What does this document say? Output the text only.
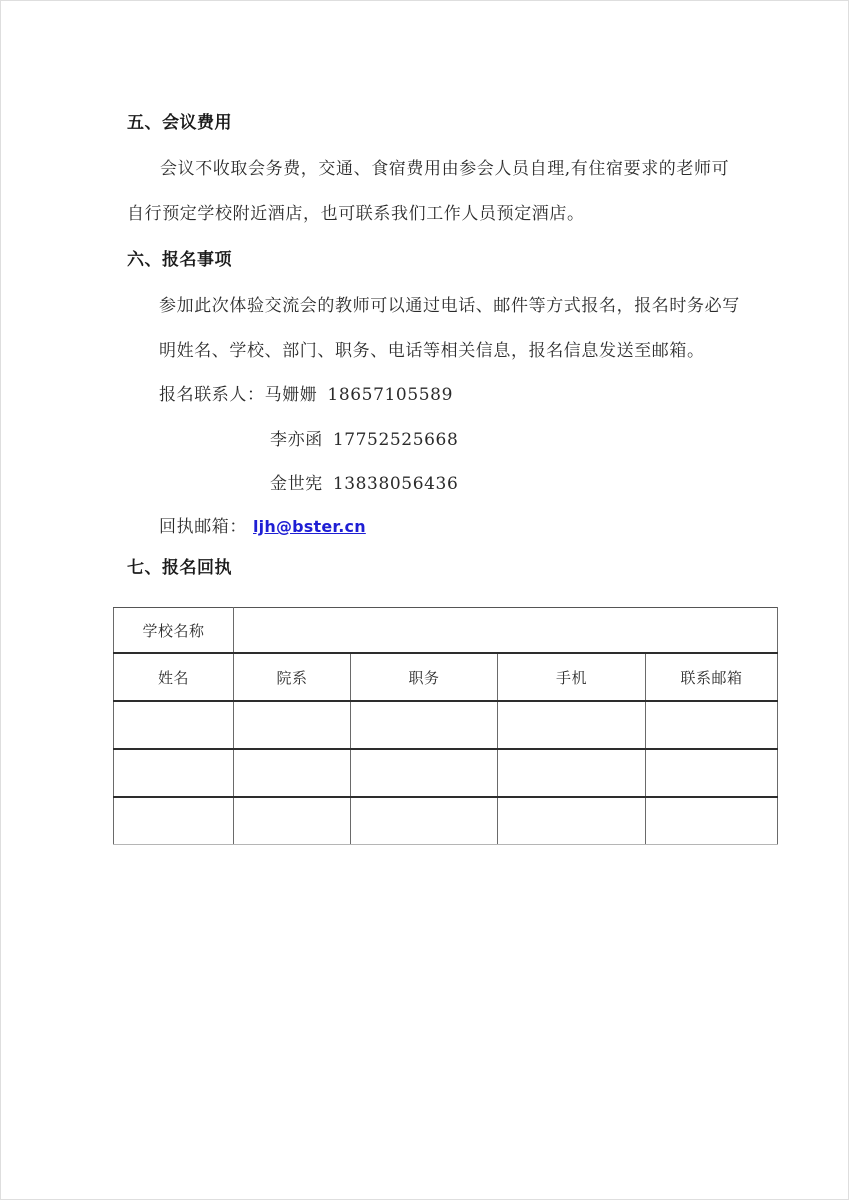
五、会议费用
会议不收取会务费，交通、食宿费用由参会人员自理,有住宿要求的老师可
自行预定学校附近酒店，也可联系我们工作人员预定酒店。
六、报名事项
参加此次体验交流会的教师可以通过电话、邮件等方式报名，报名时务必写
明姓名、学校、部门、职务、电话等相关信息，报名信息发送至邮箱。
报名联系人：马姗姗 18657105589
李亦函 17752525668
金世宪 13838056436
回执邮箱： ljh@bster.cn
七、报名回执
学校名称				
姓名	院系	职务	手机	联系邮箱
